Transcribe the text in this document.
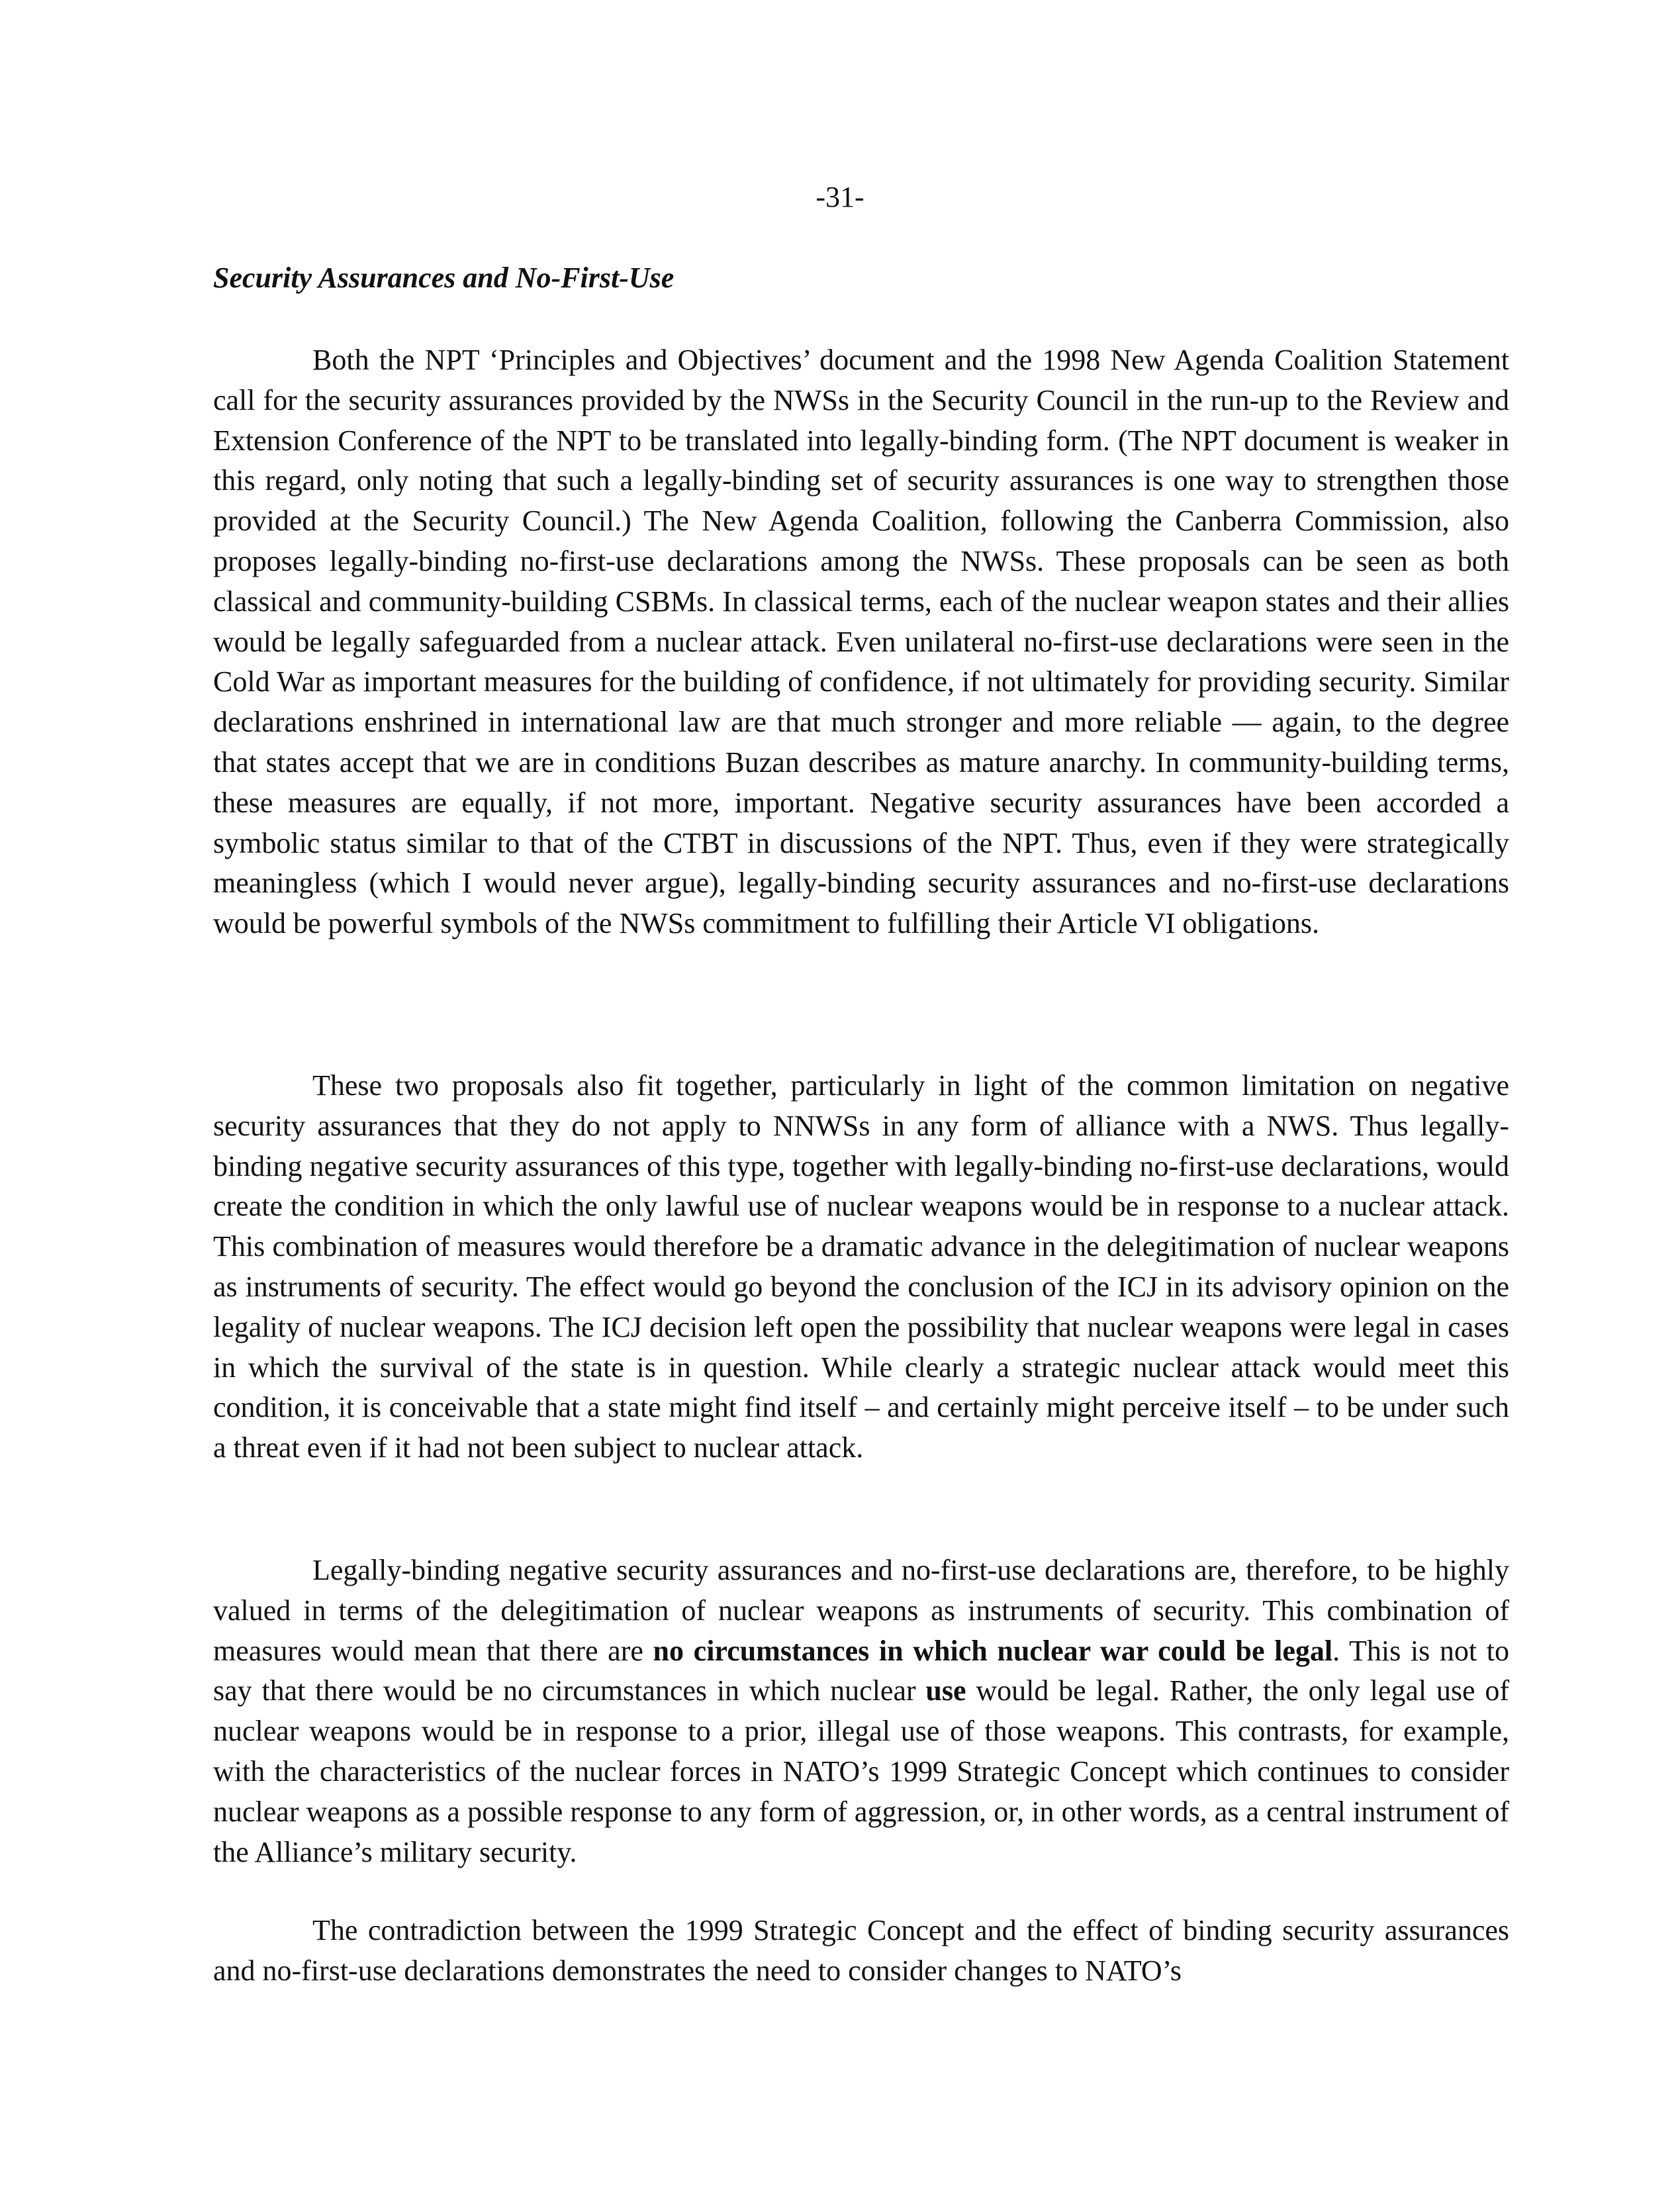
-31-
Security Assurances and No-First-Use

Both the NPT ‘Principles and Objectives’ document and the 1998 New Agenda Coalition Statement call for the security assurances provided by the NWSs in the Security Council in the run-up to the Review and Extension Conference of the NPT to be translated into legally-binding form. (The NPT document is weaker in this regard, only noting that such a legally-binding set of security assurances is one way to strengthen those provided at the Security Council.) The New Agenda Coalition, following the Canberra Commission, also proposes legally-binding no-first-use declarations among the NWSs. These proposals can be seen as both classical and community-building CSBMs. In classical terms, each of the nuclear weapon states and their allies would be legally safeguarded from a nuclear attack. Even unilateral no-first-use declarations were seen in the Cold War as important measures for the building of confidence, if not ultimately for providing security. Similar declarations enshrined in international law are that much stronger and more reliable — again, to the degree that states accept that we are in conditions Buzan describes as mature anarchy. In community-building terms, these measures are equally, if not more, important. Negative security assurances have been accorded a symbolic status similar to that of the CTBT in discussions of the NPT. Thus, even if they were strategically meaningless (which I would never argue), legally-binding security assurances and no-first-use declarations would be powerful symbols of the NWSs commitment to fulfilling their Article VI obligations.

These two proposals also fit together, particularly in light of the common limitation on negative security assurances that they do not apply to NNWSs in any form of alliance with a NWS. Thus legally-binding negative security assurances of this type, together with legally-binding no-first-use declarations, would create the condition in which the only lawful use of nuclear weapons would be in response to a nuclear attack. This combination of measures would therefore be a dramatic advance in the delegitimation of nuclear weapons as instruments of security. The effect would go beyond the conclusion of the ICJ in its advisory opinion on the legality of nuclear weapons. The ICJ decision left open the possibility that nuclear weapons were legal in cases in which the survival of the state is in question. While clearly a strategic nuclear attack would meet this condition, it is conceivable that a state might find itself – and certainly might perceive itself – to be under such a threat even if it had not been subject to nuclear attack.

Legally-binding negative security assurances and no-first-use declarations are, therefore, to be highly valued in terms of the delegitimation of nuclear weapons as instruments of security. This combination of measures would mean that there are no circumstances in which nuclear war could be legal. This is not to say that there would be no circumstances in which nuclear use would be legal. Rather, the only legal use of nuclear weapons would be in response to a prior, illegal use of those weapons. This contrasts, for example, with the characteristics of the nuclear forces in NATO’s 1999 Strategic Concept which continues to consider nuclear weapons as a possible response to any form of aggression, or, in other words, as a central instrument of the Alliance’s military security.

The contradiction between the 1999 Strategic Concept and the effect of binding security assurances and no-first-use declarations demonstrates the need to consider changes to NATO’s
